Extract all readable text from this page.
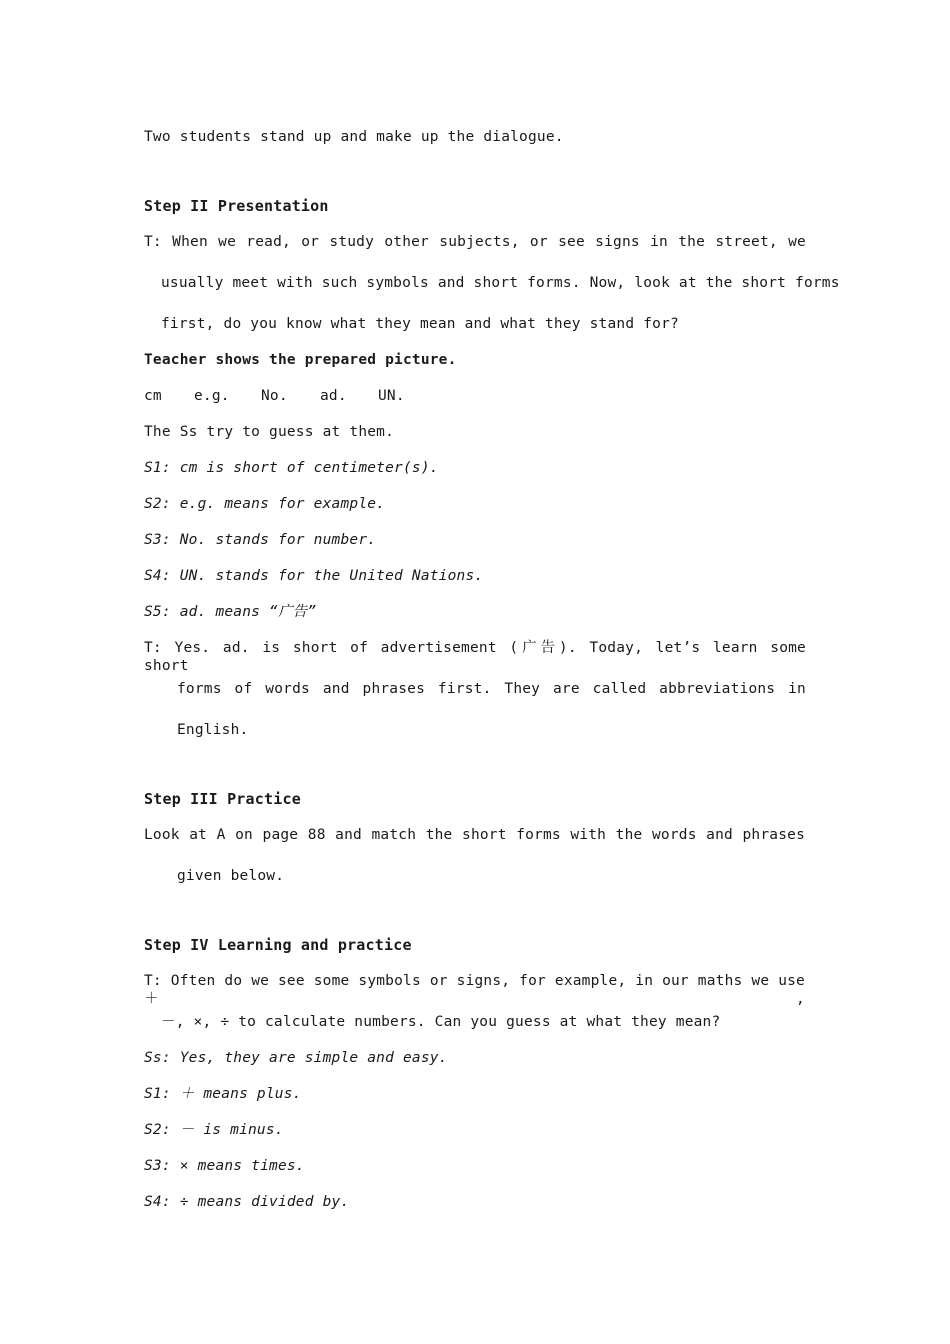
Two students stand up and make up the dialogue.
Step II Presentation
T: When we read, or study other subjects, or see signs in the street, we
usually meet with such symbols and short forms. Now, look at the short forms
first, do you know what they mean and what they stand for?
Teacher shows the prepared picture.
cm e.g. No. ad. UN.
The Ss try to guess at them.
S1: cm is short of centimeter(s).
S2: e.g. means for example.
S3: No. stands for number.
S4: UN. stands for the United Nations.
S5: ad. means “广告”
T: Yes. ad. is short of advertisement (广告). Today, let’s learn some short
forms of words and phrases first. They are called abbreviations in
English.
Step III Practice
Look at A on page 88 and match the short forms with the words and phrases
given below.
Step IV Learning and practice
T: Often do we see some symbols or signs, for example, in our maths we use ＋,
－, ×, ÷ to calculate numbers. Can you guess at what they mean?
Ss: Yes, they are simple and easy.
S1: ＋ means plus.
S2: － is minus.
S3: × means times.
S4: ÷ means divided by.
